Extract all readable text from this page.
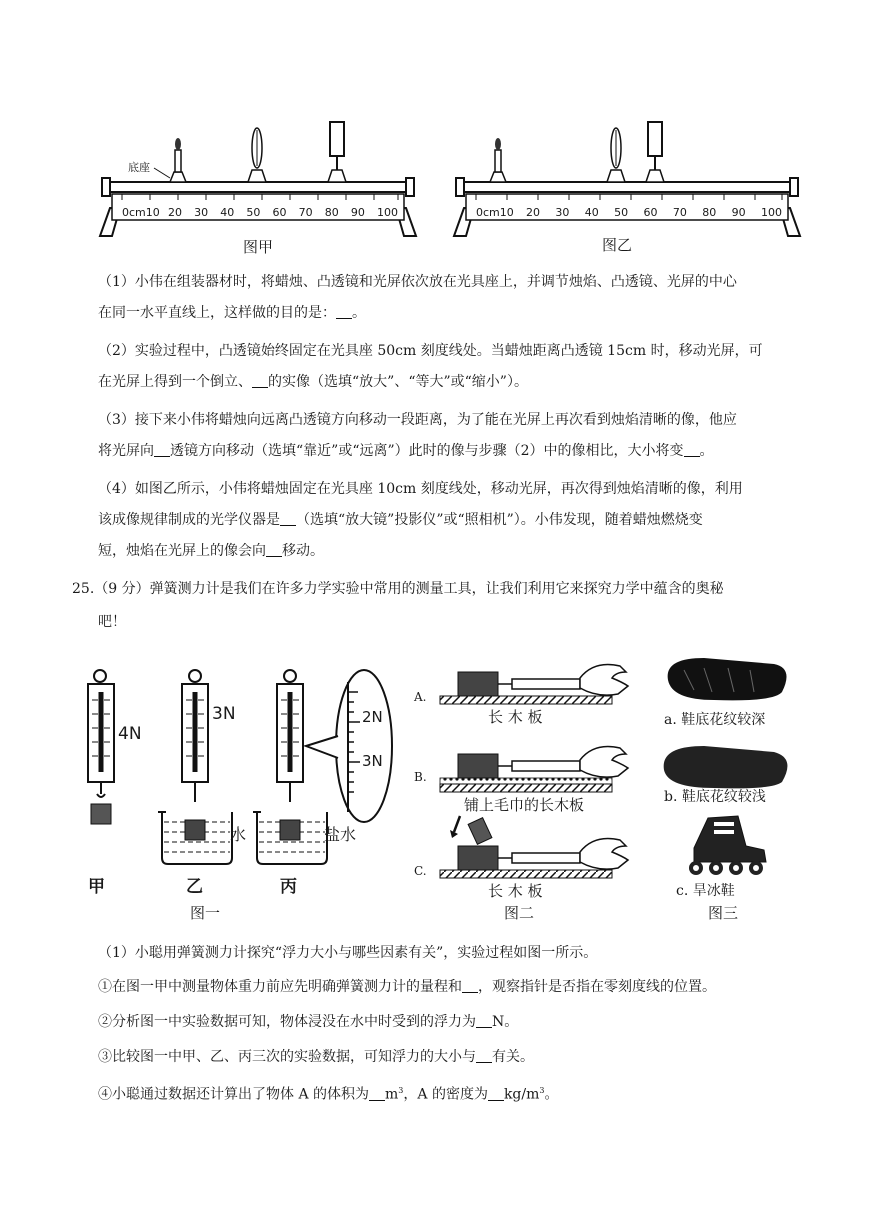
底座
0cm10 20 30 40 50 60 70 80 90 100
图甲
0cm10 20 30 40 50 60 70 80 90 100
图乙
（1）小伟在组装器材时，将蜡烛、凸透镜和光屏依次放在光具座上，并调节烛焰、凸透镜、光屏的中心
在同一水平直线上，这样做的目的是： 。
（2）实验过程中，凸透镜始终固定在光具座 50cm 刻度线处。当蜡烛距离凸透镜 15cm 时，移动光屏，可
在光屏上得到一个倒立、 的实像（选填“放大”、“等大”或“缩小”）。
（3）接下来小伟将蜡烛向远离凸透镜方向移动一段距离，为了能在光屏上再次看到烛焰清晰的像，他应
将光屏向 透镜方向移动（选填“靠近”或“远离”）此时的像与步骤（2）中的像相比，大小将变 。
（4）如图乙所示，小伟将蜡烛固定在光具座 10cm 刻度线处，移动光屏，再次得到烛焰清晰的像，利用
该成像规律制成的光学仪器是 （选填“放大镜”投影仪”或“照相机”）。小伟发现，随着蜡烛燃烧变
短，烛焰在光屏上的像会向 移动。
25.（9 分）弹簧测力计是我们在许多力学实验中常用的测量工具，让我们利用它来探究力学中蕴含的奥秘
吧！
4N
3N
水	盐水
2N
3N
甲	乙	丙
图一
A.
B.
C.
长 木 板
铺上毛巾的长木板
长 木 板
图二
a. 鞋底花纹较深
b. 鞋底花纹较浅
c. 旱冰鞋
图三
（1）小聪用弹簧测力计探究“浮力大小与哪些因素有关”，实验过程如图一所示。
①在图一甲中测量物体重力前应先明确弹簧测力计的量程和 ，观察指针是否指在零刻度线的位置。
②分析图一中实验数据可知，物体浸没在水中时受到的浮力为 N。
③比较图一中甲、乙、丙三次的实验数据，可知浮力的大小与 有关。
④小聪通过数据还计算出了物体 A 的体积为 $m^3$，A 的密度为 $kg/m^3$。
